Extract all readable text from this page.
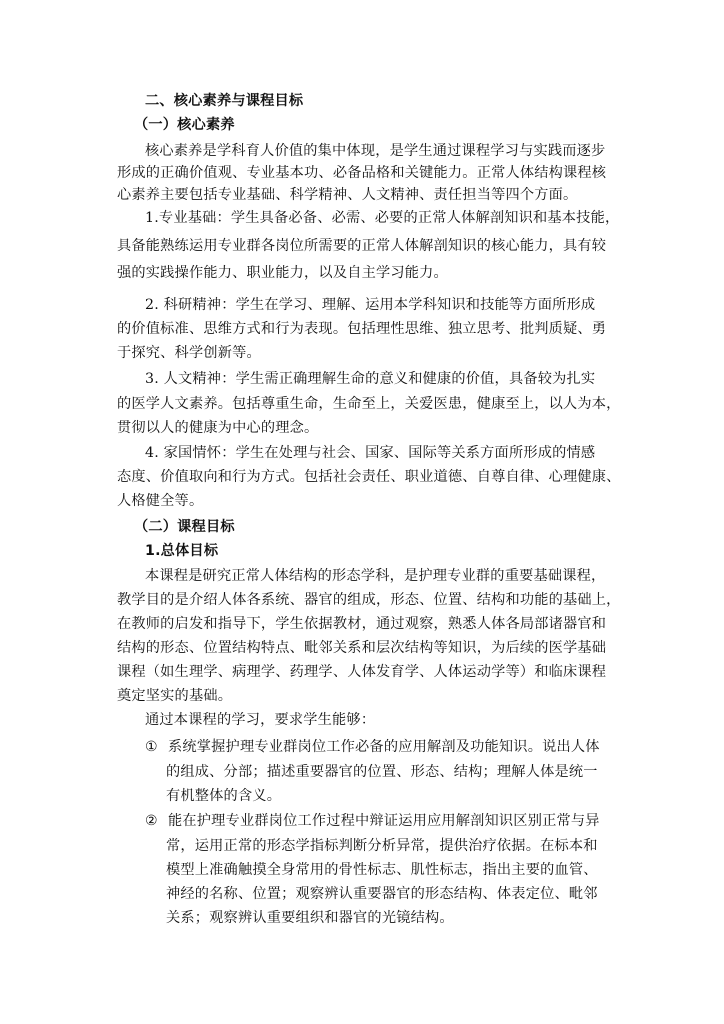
二、核心素养与课程目标
（一）核心素养
核心素养是学科育人价值的集中体现，是学生通过课程学习与实践而逐步
形成的正确价值观、专业基本功、必备品格和关键能力。正常人体结构课程核
心素养主要包括专业基础、科学精神、人文精神、责任担当等四个方面。
1.专业基础：学生具备必备、必需、必要的正常人体解剖知识和基本技能，
具备能熟练运用专业群各岗位所需要的正常人体解剖知识的核心能力，具有较
强的实践操作能力、职业能力，以及自主学习能力。
2. 科研精神：学生在学习、理解、运用本学科知识和技能等方面所形成
的价值标准、思维方式和行为表现。包括理性思维、独立思考、批判质疑、勇
于探究、科学创新等。
3. 人文精神：学生需正确理解生命的意义和健康的价值，具备较为扎实
的医学人文素养。包括尊重生命，生命至上，关爱医患，健康至上，以人为本，
贯彻以人的健康为中心的理念。
4. 家国情怀：学生在处理与社会、国家、国际等关系方面所形成的情感
态度、价值取向和行为方式。包括社会责任、职业道德、自尊自律、心理健康、
人格健全等。
（二）课程目标
1.总体目标
本课程是研究正常人体结构的形态学科，是护理专业群的重要基础课程，
教学目的是介绍人体各系统、器官的组成，形态、位置、结构和功能的基础上，
在教师的启发和指导下，学生依据教材，通过观察，熟悉人体各局部诸器官和
结构的形态、位置结构特点、毗邻关系和层次结构等知识，为后续的医学基础
课程（如生理学、病理学、药理学、人体发育学、人体运动学等）和临床课程
奠定坚实的基础。
通过本课程的学习，要求学生能够：
① 系统掌握护理专业群岗位工作必备的应用解剖及功能知识。说出人体
的组成、分部；描述重要器官的位置、形态、结构；理解人体是统一
有机整体的含义。
② 能在护理专业群岗位工作过程中辩证运用应用解剖知识区别正常与异
常，运用正常的形态学指标判断分析异常，提供治疗依据。在标本和
模型上准确触摸全身常用的骨性标志、肌性标志，指出主要的血管、
神经的名称、位置；观察辨认重要器官的形态结构、体表定位、毗邻
关系；观察辨认重要组织和器官的光镜结构。
